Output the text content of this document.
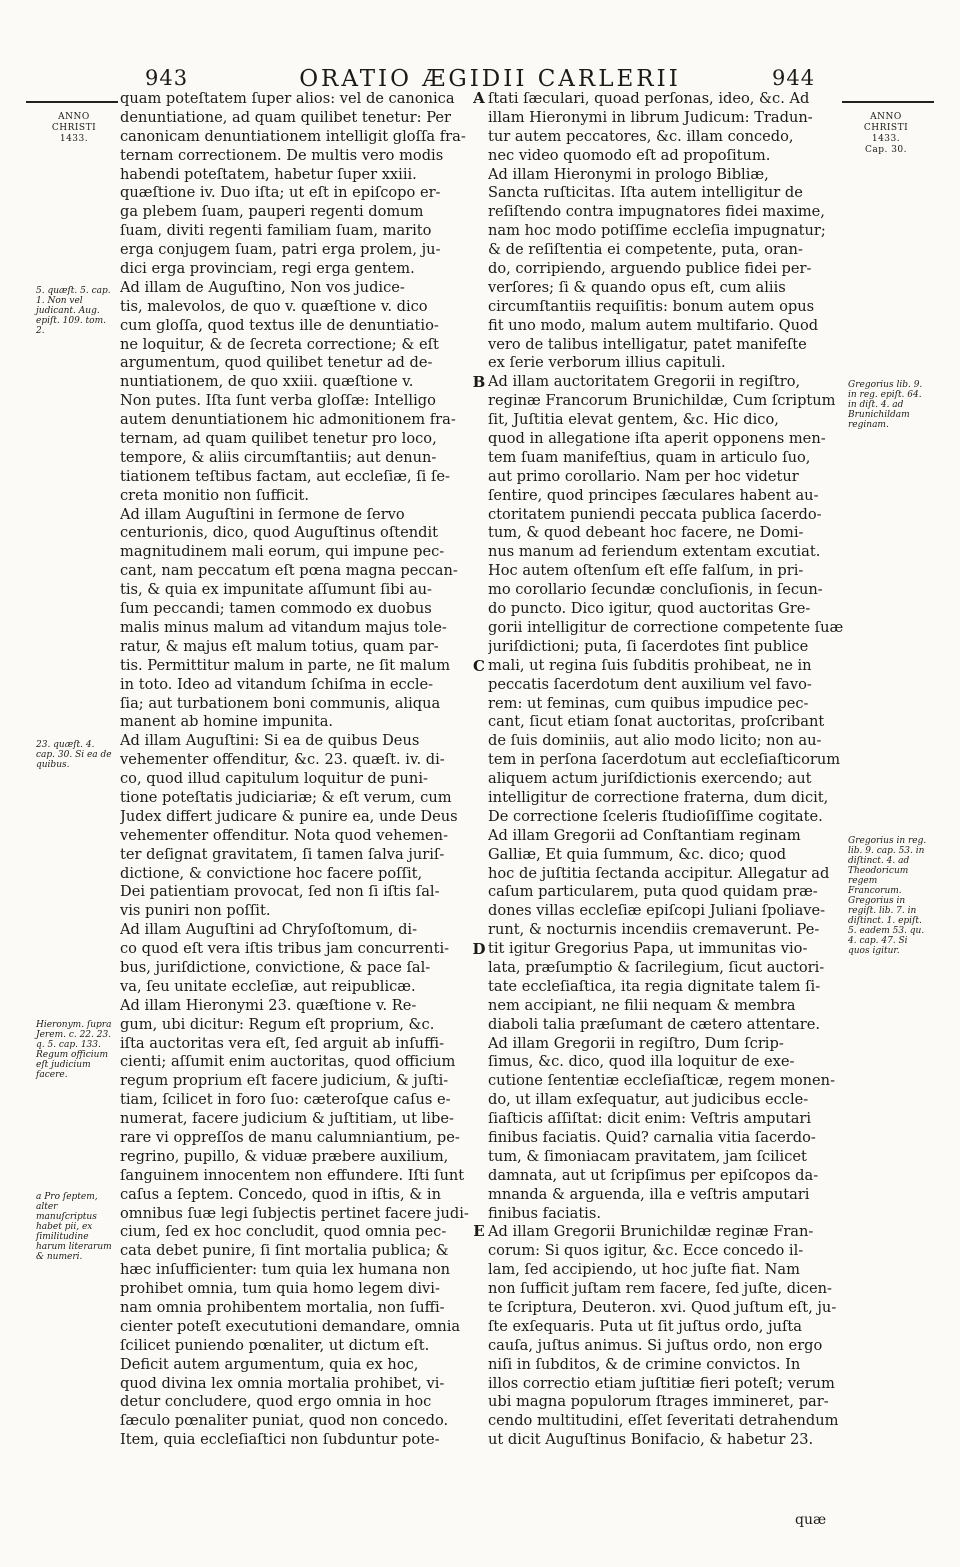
943	ORATIO ÆGIDII CARLERII	944
ANNO
CHRISTI
1433.
ANNO
CHRISTI
1433.
Cap. 30.
quam poteſtatem ſuper alios: vel de canonica
denuntiatione, ad quam quilibet tenetur: Per
canonicam denuntiationem intelligit gloſſa fra-
ternam correctionem. De multis vero modis
habendi poteſtatem, habetur ſuper xxiii.
quæſtione iv. Duo iſta; ut eſt in epiſcopo er-
ga plebem ſuam, pauperi regenti domum
ſuam, diviti regenti familiam ſuam, marito
erga conjugem ſuam, patri erga prolem, ju-
dici erga provinciam, regi erga gentem.
Ad illam de Auguſtino, Non vos judice-
tis, malevolos, de quo v. quæſtione v. dico
cum gloſſa, quod textus ille de denuntiatio-
ne loquitur, & de ſecreta correctione; & eſt
argumentum, quod quilibet tenetur ad de-
nuntiationem, de quo xxiii. quæſtione v.
Non putes. Iſta ſunt verba gloſſæ: Intelligo
autem denuntiationem hic admonitionem fra-
ternam, ad quam quilibet tenetur pro loco,
tempore, & aliis circumſtantiis; aut denun-
tiationem teſtibus factam, aut eccleſiæ, ſi ſe-
creta monitio non ſufficit.
Ad illam Auguſtini in ſermone de ſervo
centurionis, dico, quod Auguſtinus oſtendit
magnitudinem mali eorum, qui impune pec-
cant, nam peccatum eſt pœna magna peccan-
tis, & quia ex impunitate aſſumunt ſibi au-
ſum peccandi; tamen commodo ex duobus
malis minus malum ad vitandum majus tole-
ratur, & majus eſt malum totius, quam par-
tis. Permittitur malum in parte, ne ſit malum
in toto. Ideo ad vitandum ſchiſma in eccle-
ſia; aut turbationem boni communis, aliqua
manent ab homine impunita.
Ad illam Auguſtini: Si ea de quibus Deus
vehementer offenditur, &c. 23. quæſt. iv. di-
co, quod illud capitulum loquitur de puni-
tione poteſtatis judiciariæ; & eſt verum, cum
Judex differt judicare & punire ea, unde Deus
vehementer offenditur. Nota quod vehemen-
ter deſignat gravitatem, ſi tamen ſalva juriſ-
dictione, & convictione hoc facere poſſit,
Dei patientiam provocat, ſed non ſi iſtis ſal-
vis puniri non poſſit.
Ad illam Auguſtini ad Chryſoſtomum, di-
co quod eſt vera iſtis tribus jam concurrenti-
bus, juriſdictione, convictione, & pace ſal-
va, ſeu unitate eccleſiæ, aut reipublicæ.
Ad illam Hieronymi 23. quæſtione v. Re-
gum, ubi dicitur: Regum eſt proprium, &c.
iſta auctoritas vera eſt, ſed arguit ab inſuffi-
cienti; aſſumit enim auctoritas, quod officium
regum proprium eſt facere judicium, & juſti-
tiam, ſcilicet in foro ſuo: cæteroſque caſus e-
numerat, facere judicium & juſtitiam, ut libe-
rare vi oppreſſos de manu calumniantium, pe-
regrino, pupillo, & viduæ præbere auxilium,
ſanguinem innocentem non effundere. Iſti ſunt
caſus a ſeptem. Concedo, quod in iſtis, & in
omnibus ſuæ legi ſubjectis pertinet facere judi-
cium, ſed ex hoc concludit, quod omnia pec-
cata debet punire, ſi ſint mortalia publica; &
hæc inſufficienter: tum quia lex humana non
prohibet omnia, tum quia homo legem divi-
nam omnia prohibentem mortalia, non ſuffi-
cienter poteſt execututioni demandare, omnia
ſcilicet puniendo pœnaliter, ut dictum eſt.
Deficit autem argumentum, quia ex hoc,
quod divina lex omnia mortalia prohibet, vi-
detur concludere, quod ergo omnia in hoc
ſæculo pœnaliter puniat, quod non concedo.
Item, quia eccleſiaſtici non ſubduntur pote-
ſtati ſæculari, quoad perſonas, ideo, &c. Ad
illam Hieronymi in librum Judicum: Tradun-
tur autem peccatores, &c. illam concedo,
nec video quomodo eſt ad propoſitum.
Ad illam Hieronymi in prologo Bibliæ,
Sancta ruſticitas. Iſta autem intelligitur de
reſiſtendo contra impugnatores fidei maxime,
nam hoc modo potiſſime eccleſia impugnatur;
& de reſiſtentia ei competente, puta, oran-
do, corripiendo, arguendo publice fidei per-
verſores; ſi & quando opus eſt, cum aliis
circumſtantiis requiſitis: bonum autem opus
fit uno modo, malum autem multifario. Quod
vero de talibus intelligatur, patet manifeſte
ex ſerie verborum illius capituli.
Ad illam auctoritatem Gregorii in regiſtro,
reginæ Francorum Brunichildæ, Cum ſcriptum
ſit, Juſtitia elevat gentem, &c. Hic dico,
quod in allegatione iſta aperit opponens men-
tem ſuam manifeſtius, quam in articulo ſuo,
aut primo corollario. Nam per hoc videtur
ſentire, quod principes ſæculares habent au-
ctoritatem puniendi peccata publica ſacerdo-
tum, & quod debeant hoc facere, ne Domi-
nus manum ad feriendum extentam excutiat.
Hoc autem oſtenſum eſt eſſe falſum, in pri-
mo corollario ſecundæ concluſionis, in ſecun-
do puncto. Dico igitur, quod auctoritas Gre-
gorii intelligitur de correctione competente ſuæ
juriſdictioni; puta, ſi ſacerdotes ſint publice
mali, ut regina ſuis ſubditis prohibeat, ne in
peccatis ſacerdotum dent auxilium vel favo-
rem: ut feminas, cum quibus impudice pec-
cant, ſicut etiam ſonat auctoritas, proſcribant
de ſuis dominiis, aut alio modo licito; non au-
tem in perſona ſacerdotum aut eccleſiaſticorum
aliquem actum juriſdictionis exercendo; aut
intelligitur de correctione fraterna, dum dicit,
De correctione ſceleris ſtudioſiſſime cogitate.
Ad illam Gregorii ad Conſtantiam reginam
Galliæ, Et quia ſummum, &c. dico; quod
hoc de juſtitia ſectanda accipitur. Allegatur ad
caſum particularem, puta quod quidam præ-
dones villas eccleſiæ epiſcopi Juliani ſpoliave-
runt, & nocturnis incendiis cremaverunt. Pe-
tit igitur Gregorius Papa, ut immunitas vio-
lata, præſumptio & ſacrilegium, ſicut auctori-
tate eccleſiaſtica, ita regia dignitate talem ſi-
nem accipiant, ne filii nequam & membra
diaboli talia præſumant de cætero attentare.
Ad illam Gregorii in regiſtro, Dum ſcrip-
ſimus, &c. dico, quod illa loquitur de exe-
cutione ſententiæ eccleſiaſticæ, regem monen-
do, ut illam exſequatur, aut judicibus eccle-
ſiaſticis aſſiſtat: dicit enim: Veſtris amputari
finibus faciatis. Quid? carnalia vitia ſacerdo-
tum, & ſimoniacam pravitatem, jam ſcilicet
damnata, aut ut ſcripſimus per epiſcopos da-
mnanda & arguenda, illa e veſtris amputari
finibus faciatis.
Ad illam Gregorii Brunichildæ reginæ Fran-
corum: Si quos igitur, &c. Ecce concedo il-
lam, ſed accipiendo, ut hoc juſte fiat. Nam
non ſufficit juſtam rem facere, ſed juſte, dicen-
te ſcriptura, Deuteron. xvi. Quod juſtum eſt, ju-
ſte exſequaris. Puta ut ſit juſtus ordo, juſta
cauſa, juſtus animus. Si juſtus ordo, non ergo
niſi in ſubditos, & de crimine convictos. In
illos correctio etiam juſtitiæ fieri poteſt; verum
ubi magna populorum ſtrages immineret, par-
cendo multitudini, eſſet ſeveritati detrahendum
ut dicit Auguſtinus Bonifacio, & habetur 23.
A
B
C
D
E
5. quæſt. 5. cap. 1. Non vel judicant. Aug. epiſt. 109. tom. 2.
23. quæſt. 4. cap. 30. Si ea de quibus.
Hieronym. ſupra Jerem. c. 22. 23. q. 5. cap. 133. Regum officium eſt judicium facere.
a Pro ſeptem, alter manuſcriptus habet pii, ex ſimilitudine harum literarum & numeri.
Gregorius lib. 9. in reg. epiſt. 64. in diſt. 4. ad Brunichildam reginam.
Gregorius in reg. lib. 9. cap. 53. in diſtinct. 4. ad Theodoricum regem Francorum. Gregorius in regiſt. lib. 7. in diſtinct. 1. epiſt. 5. eadem 53. qu. 4. cap. 47. Si quos igitur.
quæ
